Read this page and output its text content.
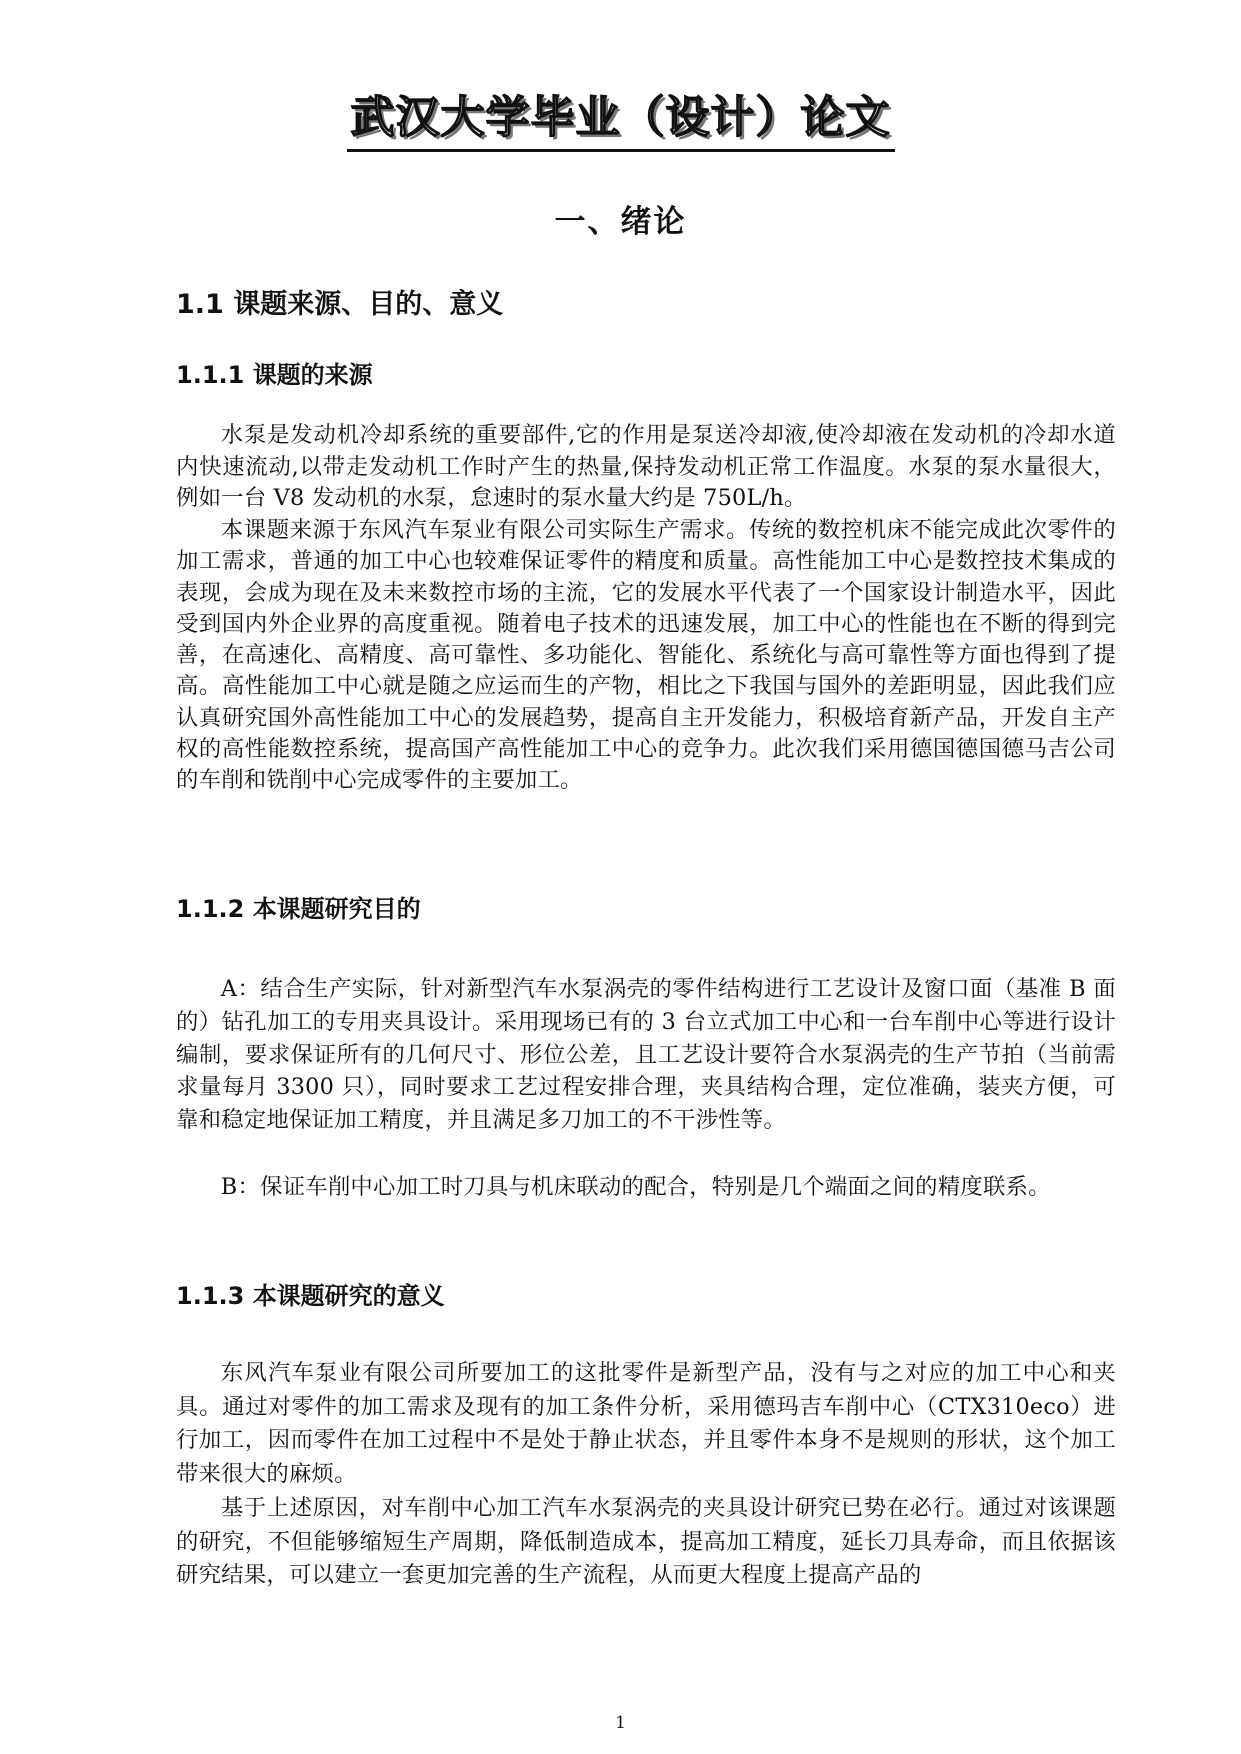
武汉大学毕业（设计）论文
一、绪论
1.1 课题来源、目的、意义
1.1.1 课题的来源

水泵是发动机冷却系统的重要部件,它的作用是泵送冷却液,使冷却液在发动机的冷却水道内快速流动,以带走发动机工作时产生的热量,保持发动机正常工作温度。水泵的泵水量很大，例如一台 V8 发动机的水泵，怠速时的泵水量大约是 750L/h。

本课题来源于东风汽车泵业有限公司实际生产需求。传统的数控机床不能完成此次零件的加工需求，普通的加工中心也较难保证零件的精度和质量。高性能加工中心是数控技术集成的表现，会成为现在及未来数控市场的主流，它的发展水平代表了一个国家设计制造水平，因此受到国内外企业界的高度重视。随着电子技术的迅速发展，加工中心的性能也在不断的得到完善，在高速化、高精度、高可靠性、多功能化、智能化、系统化与高可靠性等方面也得到了提高。高性能加工中心就是随之应运而生的产物，相比之下我国与国外的差距明显，因此我们应认真研究国外高性能加工中心的发展趋势，提高自主开发能力，积极培育新产品，开发自主产权的高性能数控系统，提高国产高性能加工中心的竞争力。此次我们采用德国德国德马吉公司的车削和铣削中心完成零件的主要加工。

1.1.2 本课题研究目的

A：结合生产实际，针对新型汽车水泵涡壳的零件结构进行工艺设计及窗口面（基准 B 面的）钻孔加工的专用夹具设计。采用现场已有的 3 台立式加工中心和一台车削中心等进行设计编制，要求保证所有的几何尺寸、形位公差，且工艺设计要符合水泵涡壳的生产节拍（当前需求量每月 3300 只），同时要求工艺过程安排合理，夹具结构合理，定位准确，装夹方便，可靠和稳定地保证加工精度，并且满足多刀加工的不干涉性等。

B：保证车削中心加工时刀具与机床联动的配合，特别是几个端面之间的精度联系。

1.1.3 本课题研究的意义

东风汽车泵业有限公司所要加工的这批零件是新型产品，没有与之对应的加工中心和夹具。通过对零件的加工需求及现有的加工条件分析，采用德玛吉车削中心（CTX310eco）进行加工，因而零件在加工过程中不是处于静止状态，并且零件本身不是规则的形状，这个加工带来很大的麻烦。

基于上述原因，对车削中心加工汽车水泵涡壳的夹具设计研究已势在必行。通过对该课题的研究，不但能够缩短生产周期，降低制造成本，提高加工精度，延长刀具寿命，而且依据该研究结果，可以建立一套更加完善的生产流程，从而更大程度上提高产品的

1
